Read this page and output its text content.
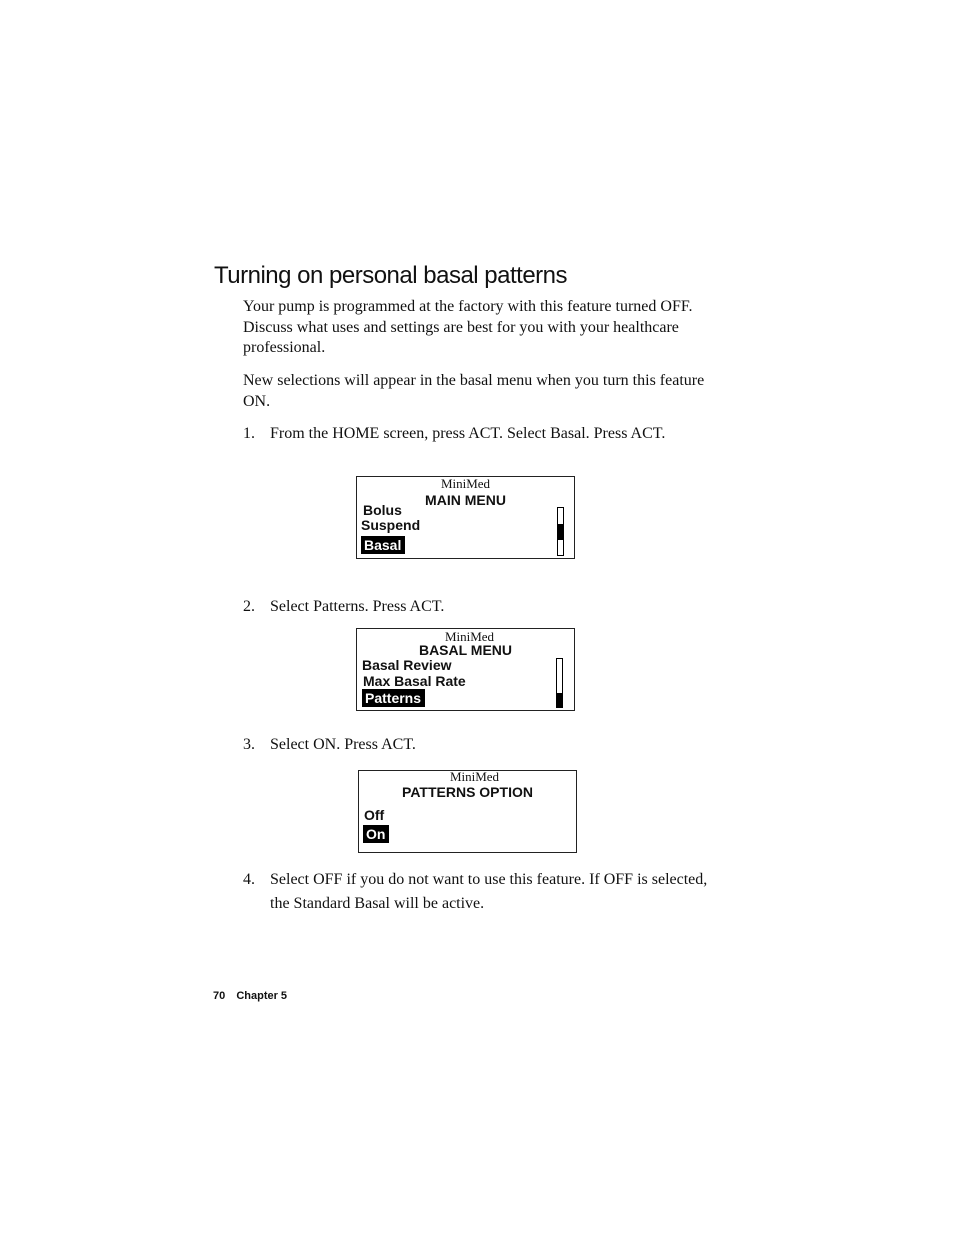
Turning on personal basal patterns

Your pump is programmed at the factory with this feature turned OFF. Discuss what uses and settings are best for you with your healthcare professional.

New selections will appear in the basal menu when you turn this feature ON.

1. From the HOME screen, press ACT. Select Basal. Press ACT.
MiniMed
MAIN MENU
Bolus
Suspend
Basal
2. Select Patterns. Press ACT.
MiniMed
BASAL MENU
Basal Review
Max Basal Rate
Patterns
3. Select ON. Press ACT.
MiniMed
PATTERNS OPTION
Off
On
4. Select OFF if you do not want to use this feature. If OFF is selected, the Standard Basal will be active.
70 Chapter 5
